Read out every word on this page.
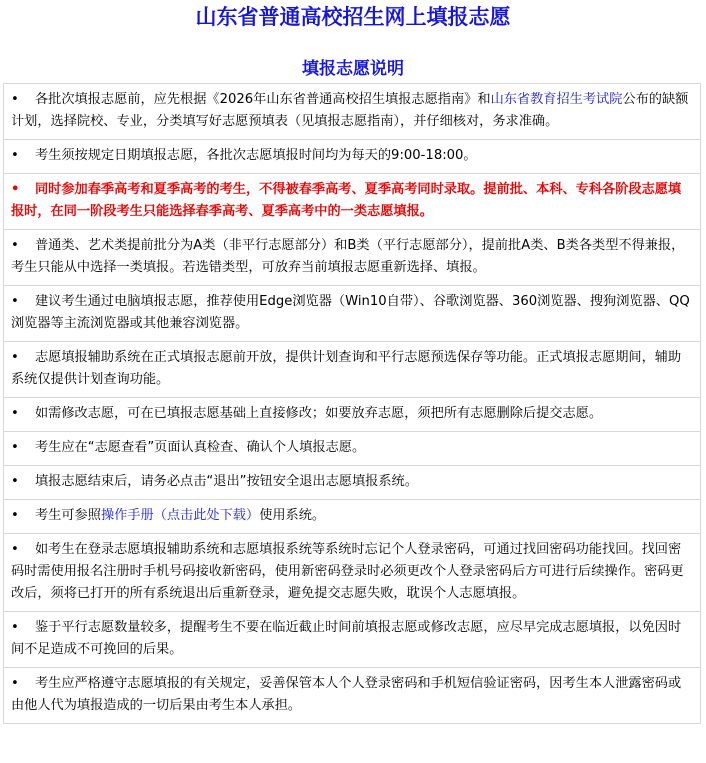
山东省普通高校招生网上填报志愿
填报志愿说明
•各批次填报志愿前，应先根据《2026年山东省普通高校招生填报志愿指南》和山东省教育招生考试院公布的缺额计划，选择院校、专业，分类填写好志愿预填表（见填报志愿指南），并仔细核对，务求准确。
•考生须按规定日期填报志愿，各批次志愿填报时间均为每天的9:00-18:00。
•同时参加春季高考和夏季高考的考生，不得被春季高考、夏季高考同时录取。提前批、本科、专科各阶段志愿填报时，在同一阶段考生只能选择春季高考、夏季高考中的一类志愿填报。
•普通类、艺术类提前批分为A类（非平行志愿部分）和B类（平行志愿部分），提前批A类、B类各类型不得兼报，考生只能从中选择一类填报。若选错类型，可放弃当前填报志愿重新选择、填报。
•建议考生通过电脑填报志愿，推荐使用Edge浏览器（Win10自带）、谷歌浏览器、360浏览器、搜狗浏览器、QQ浏览器等主流浏览器或其他兼容浏览器。
•志愿填报辅助系统在正式填报志愿前开放，提供计划查询和平行志愿预选保存等功能。正式填报志愿期间，辅助系统仅提供计划查询功能。
•如需修改志愿，可在已填报志愿基础上直接修改；如要放弃志愿，须把所有志愿删除后提交志愿。
•考生应在“志愿查看”页面认真检查、确认个人填报志愿。
•填报志愿结束后，请务必点击“退出”按钮安全退出志愿填报系统。
•考生可参照操作手册（点击此处下载）使用系统。
•如考生在登录志愿填报辅助系统和志愿填报系统等系统时忘记个人登录密码，可通过找回密码功能找回。找回密码时需使用报名注册时手机号码接收新密码，使用新密码登录时必须更改个人登录密码后方可进行后续操作。密码更改后，须将已打开的所有系统退出后重新登录，避免提交志愿失败，耽误个人志愿填报。
•鉴于平行志愿数量较多，提醒考生不要在临近截止时间前填报志愿或修改志愿，应尽早完成志愿填报，以免因时间不足造成不可挽回的后果。
•考生应严格遵守志愿填报的有关规定，妥善保管本人个人登录密码和手机短信验证密码，因考生本人泄露密码或由他人代为填报造成的一切后果由考生本人承担。
